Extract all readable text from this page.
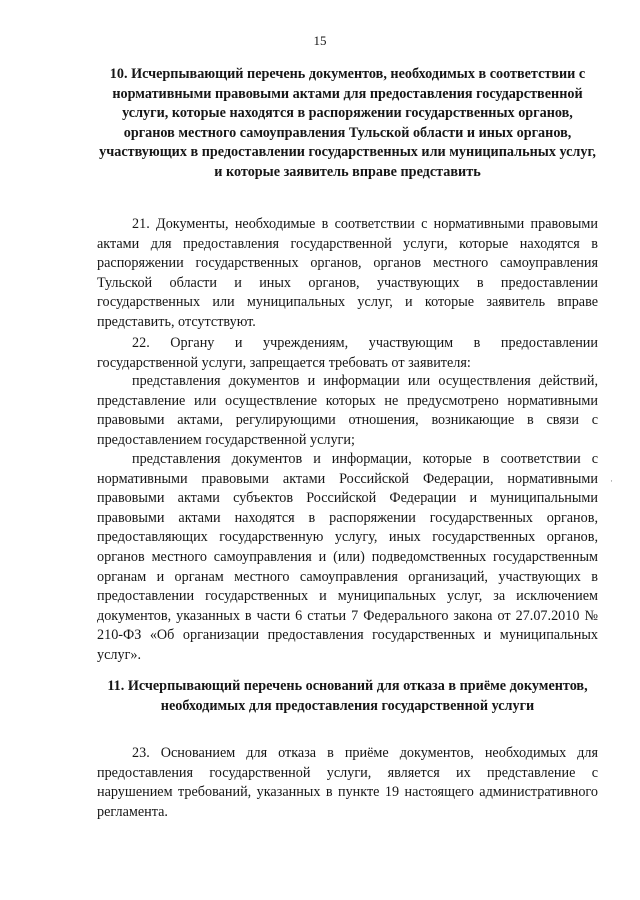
15

10. Исчерпывающий перечень документов, необходимых в соответствии с нормативными правовыми актами для предоставления государственной услуги, которые находятся в распоряжении государственных органов, органов местного самоуправления Тульской области и иных органов, участвующих в предоставлении государственных или муниципальных услуг, и которые заявитель вправе представить

21. Документы, необходимые в соответствии с нормативными правовыми актами для предоставления государственной услуги, которые находятся в распоряжении государственных органов, органов местного самоуправления Тульской области и иных органов, участвующих в предоставлении государственных или муниципальных услуг, и которые заявитель вправе представить, отсутствуют.

22. Органу и учреждениям, участвующим в предоставлении государственной услуги, запрещается требовать от заявителя:

представления документов и информации или осуществления действий, представление или осуществление которых не предусмотрено нормативными правовыми актами, регулирующими отношения, возникающие в связи с предоставлением государственной услуги;

представления документов и информации, которые в соответствии с нормативными правовыми актами Российской Федерации, нормативными правовыми актами субъектов Российской Федерации и муниципальными правовыми актами находятся в распоряжении государственных органов, предоставляющих государственную услугу, иных государственных органов, органов местного самоуправления и (или) подведомственных государственным органам и органам местного самоуправления организаций, участвующих в предоставлении государственных и муниципальных услуг, за исключением документов, указанных в части 6 статьи 7 Федерального закона от 27.07.2010 № 210-ФЗ «Об организации предоставления государственных и муниципальных услуг».

11. Исчерпывающий перечень оснований для отказа в приёме документов, необходимых для предоставления государственной услуги

23. Основанием для отказа в приёме документов, необходимых для предоставления государственной услуги, является их представление с нарушением требований, указанных в пункте 19 настоящего административного регламента.

·
